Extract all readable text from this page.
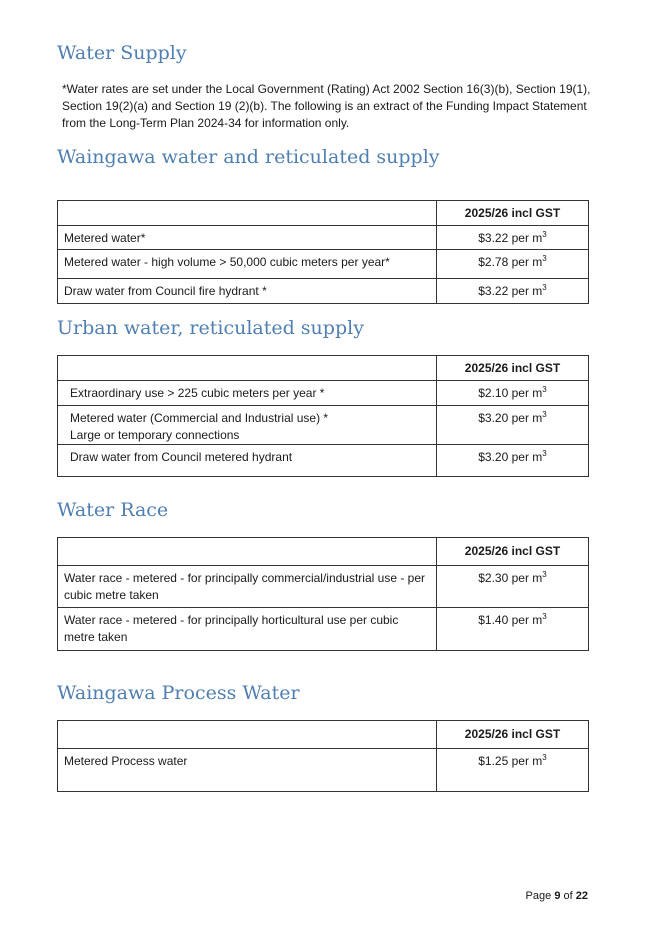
Water Supply

*Water rates are set under the Local Government (Rating) Act 2002 Section 16(3)(b), Section 19(1), Section 19(2)(a) and Section 19 (2)(b). The following is an extract of the Funding Impact Statement from the Long-Term Plan 2024-34 for information only.

Waingawa water and reticulated supply
	2025/26 incl GST
Metered water*	$3.22 per $m^3$
Metered water - high volume > 50,000 cubic meters per year*	$2.78 per $m^3$
Draw water from Council fire hydrant *	$3.22 per $m^3$
Urban water, reticulated supply
	2025/26 incl GST
Extraordinary use > 225 cubic meters per year *	$2.10 per $m^3$

Metered water (Commercial and Industrial use) *
Large or temporary connections	$3.20 per $m^3$
Draw water from Council metered hydrant	$3.20 per $m^3$
Water Race
	2025/26 incl GST
Water race - metered - for principally commercial/industrial use - per cubic metre taken	$2.30 per $m^3$
Water race - metered - for principally horticultural use per cubic metre taken	$1.40 per $m^3$
Waingawa Process Water
	2025/26 incl GST
Metered Process water	$1.25 per $m^3$
Page 9 of 22
